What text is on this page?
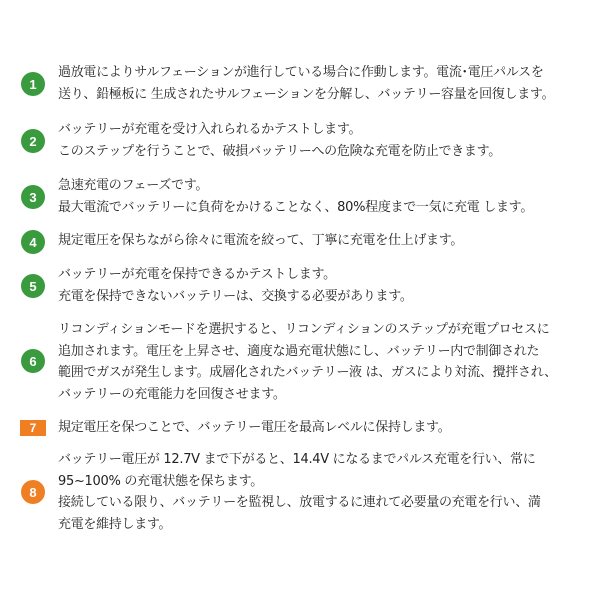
1
過放電によりサルフェーションが進行している場合に作動します。電流･電圧パルスを
送り、鉛極板に 生成されたサルフェーションを分解し、バッテリー容量を回復します。
2
バッテリーが充電を受け入れられるかテストします。
このステップを行うことで、破損バッテリーへの危険な充電を防止できます。
3
急速充電のフェーズです。
最大電流でバッテリーに負荷をかけることなく、80%程度まで一気に充電 します。
4	規定電圧を保ちながら徐々に電流を絞って、丁寧に充電を仕上げます。
5
バッテリーが充電を保持できるかテストします。
充電を保持できないバッテリーは、交換する必要があります。
6
リコンディションモードを選択すると、リコンディションのステップが充電プロセスに
追加されます。電圧を上昇させ、適度な過充電状態にし、バッテリー内で制御された
範囲でガスが発生します。成層化されたバッテリー液 は、ガスにより対流、攪拌され、
バッテリーの充電能力を回復させます。
7	規定電圧を保つことで、バッテリー電圧を最高レベルに保持します。
8
バッテリー電圧が 12.7V まで下がると、14.4V になるまでパルス充電を行い、常に
95~100% の充電状態を保ちます。
接続している限り、バッテリーを監視し、放電するに連れて必要量の充電を行い、満
充電を維持します。
